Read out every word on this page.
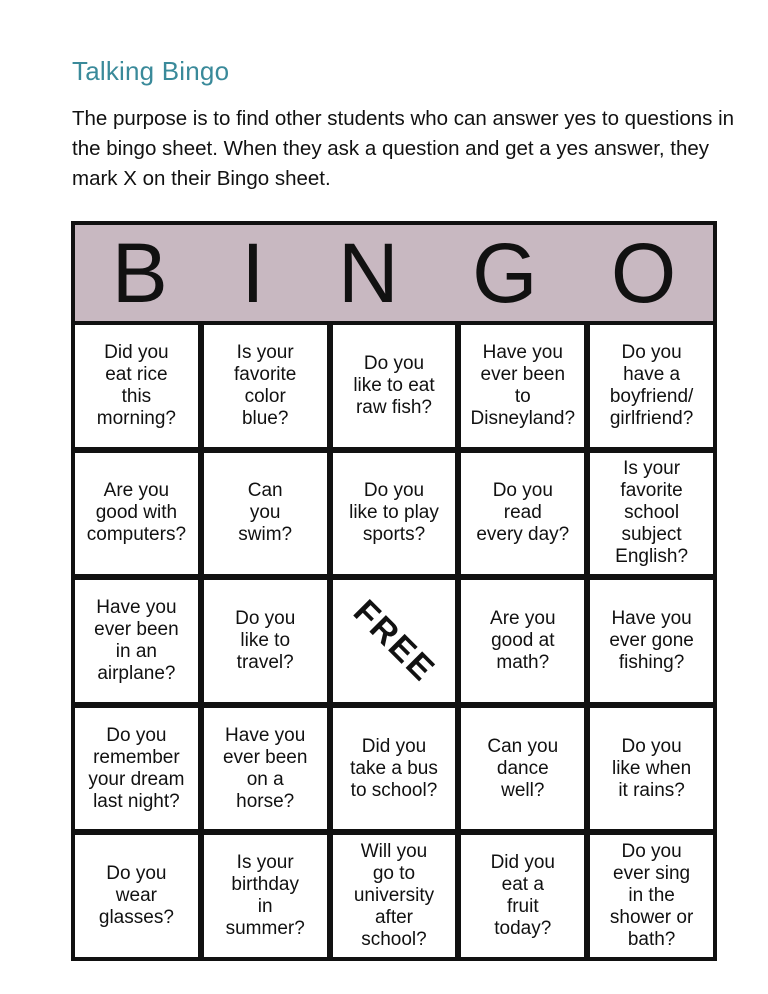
Talking Bingo

The purpose is to find other students who can answer yes to questions in the bingo sheet. When they ask a question and get a yes answer, they mark X on their Bingo sheet.

B I N G O
Did you
eat rice
this
morning?
Is your
favorite
color
blue?
Do you
like to eat
raw fish?
Have you
ever been
to
Disneyland?
Do you
have a
boyfriend/
girlfriend?
Are you
good with
computers?
Can
you
swim?
Do you
like to play
sports?
Do you
read
every day?
Is your
favorite
school
subject
English?
Have you
ever been
in an
airplane?
Do you
like to
travel?	FREE	Are you
good at
math?
Have you
ever gone
fishing?
Do you
remember
your dream
last night?
Have you
ever been
on a
horse?
Did you
take a bus
to school?
Can you
dance
well?
Do you
like when
it rains?
Do you
wear
glasses?
Is your
birthday
in
summer?
Will you
go to
university
after
school?
Did you
eat a
fruit
today?
Do you
ever sing
in the
shower or
bath?
